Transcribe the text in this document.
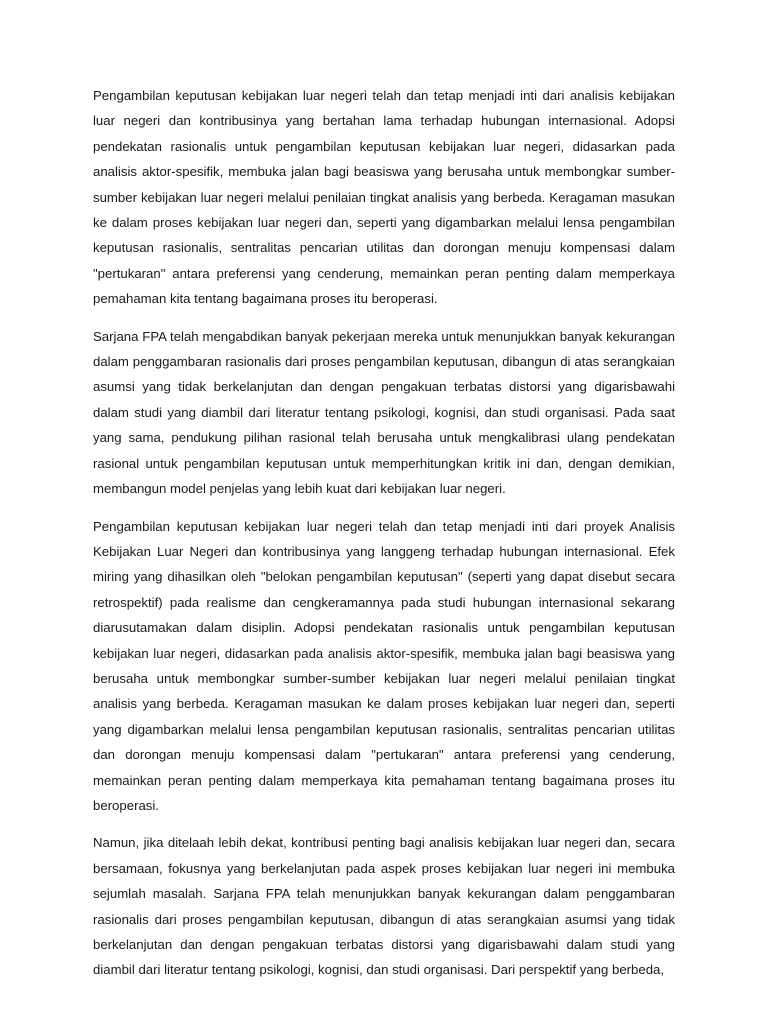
Pengambilan keputusan kebijakan luar negeri telah dan tetap menjadi inti dari analisis kebijakan luar negeri dan kontribusinya yang bertahan lama terhadap hubungan internasional. Adopsi pendekatan rasionalis untuk pengambilan keputusan kebijakan luar negeri, didasarkan pada analisis aktor-spesifik, membuka jalan bagi beasiswa yang berusaha untuk membongkar sumber-sumber kebijakan luar negeri melalui penilaian tingkat analisis yang berbeda. Keragaman masukan ke dalam proses kebijakan luar negeri dan, seperti yang digambarkan melalui lensa pengambilan keputusan rasionalis, sentralitas pencarian utilitas dan dorongan menuju kompensasi dalam "pertukaran" antara preferensi yang cenderung, memainkan peran penting dalam memperkaya pemahaman kita tentang bagaimana proses itu beroperasi.

Sarjana FPA telah mengabdikan banyak pekerjaan mereka untuk menunjukkan banyak kekurangan dalam penggambaran rasionalis dari proses pengambilan keputusan, dibangun di atas serangkaian asumsi yang tidak berkelanjutan dan dengan pengakuan terbatas distorsi yang digarisbawahi dalam studi yang diambil dari literatur tentang psikologi, kognisi, dan studi organisasi. Pada saat yang sama, pendukung pilihan rasional telah berusaha untuk mengkalibrasi ulang pendekatan rasional untuk pengambilan keputusan untuk memperhitungkan kritik ini dan, dengan demikian, membangun model penjelas yang lebih kuat dari kebijakan luar negeri.

Pengambilan keputusan kebijakan luar negeri telah dan tetap menjadi inti dari proyek Analisis Kebijakan Luar Negeri dan kontribusinya yang langgeng terhadap hubungan internasional. Efek miring yang dihasilkan oleh "belokan pengambilan keputusan" (seperti yang dapat disebut secara retrospektif) pada realisme dan cengkeramannya pada studi hubungan internasional sekarang diarusutamakan dalam disiplin. Adopsi pendekatan rasionalis untuk pengambilan keputusan kebijakan luar negeri, didasarkan pada analisis aktor-spesifik, membuka jalan bagi beasiswa yang berusaha untuk membongkar sumber-sumber kebijakan luar negeri melalui penilaian tingkat analisis yang berbeda. Keragaman masukan ke dalam proses kebijakan luar negeri dan, seperti yang digambarkan melalui lensa pengambilan keputusan rasionalis, sentralitas pencarian utilitas dan dorongan menuju kompensasi dalam "pertukaran" antara preferensi yang cenderung, memainkan peran penting dalam memperkaya kita pemahaman tentang bagaimana proses itu beroperasi.

Namun, jika ditelaah lebih dekat, kontribusi penting bagi analisis kebijakan luar negeri dan, secara bersamaan, fokusnya yang berkelanjutan pada aspek proses kebijakan luar negeri ini membuka sejumlah masalah. Sarjana FPA telah menunjukkan banyak kekurangan dalam penggambaran rasionalis dari proses pengambilan keputusan, dibangun di atas serangkaian asumsi yang tidak berkelanjutan dan dengan pengakuan terbatas distorsi yang digarisbawahi dalam studi yang diambil dari literatur tentang psikologi, kognisi, dan studi organisasi. Dari perspektif yang berbeda,
